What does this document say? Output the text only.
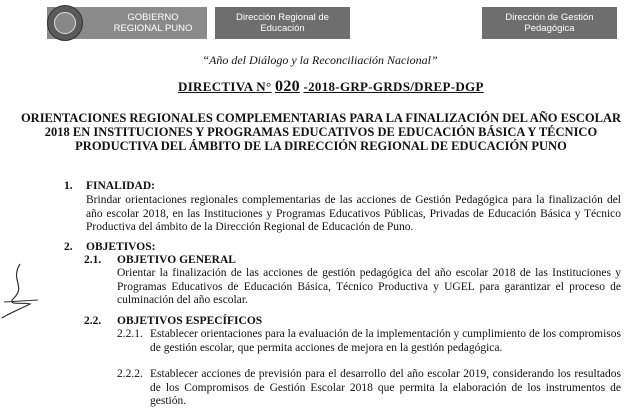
GOBIERNO REGIONAL PUNO
Dirección Regional de Educación
Dirección de Gestión Pedagógica
“Año del Diálogo y la Reconciliación Nacional”
DIRECTIVA N° 020 -2018-GRP-GRDS/DREP-DGP
ORIENTACIONES REGIONALES COMPLEMENTARIAS PARA LA FINALIZACIÓN DEL AÑO ESCOLAR 2018 EN INSTITUCIONES Y PROGRAMAS EDUCATIVOS DE EDUCACIÓN BÁSICA Y TÉCNICO PRODUCTIVA DEL ÁMBITO DE LA DIRECCIÓN REGIONAL DE EDUCACIÓN PUNO
1. FINALIDAD:
Brindar orientaciones regionales complementarias de las acciones de Gestión Pedagógica para la finalización del año escolar 2018, en las Instituciones y Programas Educativos Públicas, Privadas de Educación Básica y Técnico Productiva del ámbito de la Dirección Regional de Educación de Puno.
2. OBJETIVOS:
2.1. OBJETIVO GENERAL
Orientar la finalización de las acciones de gestión pedagógica del año escolar 2018 de las Instituciones y Programas Educativos de Educación Básica, Técnico Productiva y UGEL para garantizar el proceso de culminación del año escolar.
2.2. OBJETIVOS ESPECÍFICOS
2.2.1. Establecer orientaciones para la evaluación de la implementación y cumplimiento de los compromisos de gestión escolar, que permita acciones de mejora en la gestión pedagógica.
2.2.2. Establecer acciones de previsión para el desarrollo del año escolar 2019, considerando los resultados de los Compromisos de Gestión Escolar 2018 que permita la elaboración de los instrumentos de gestión.
